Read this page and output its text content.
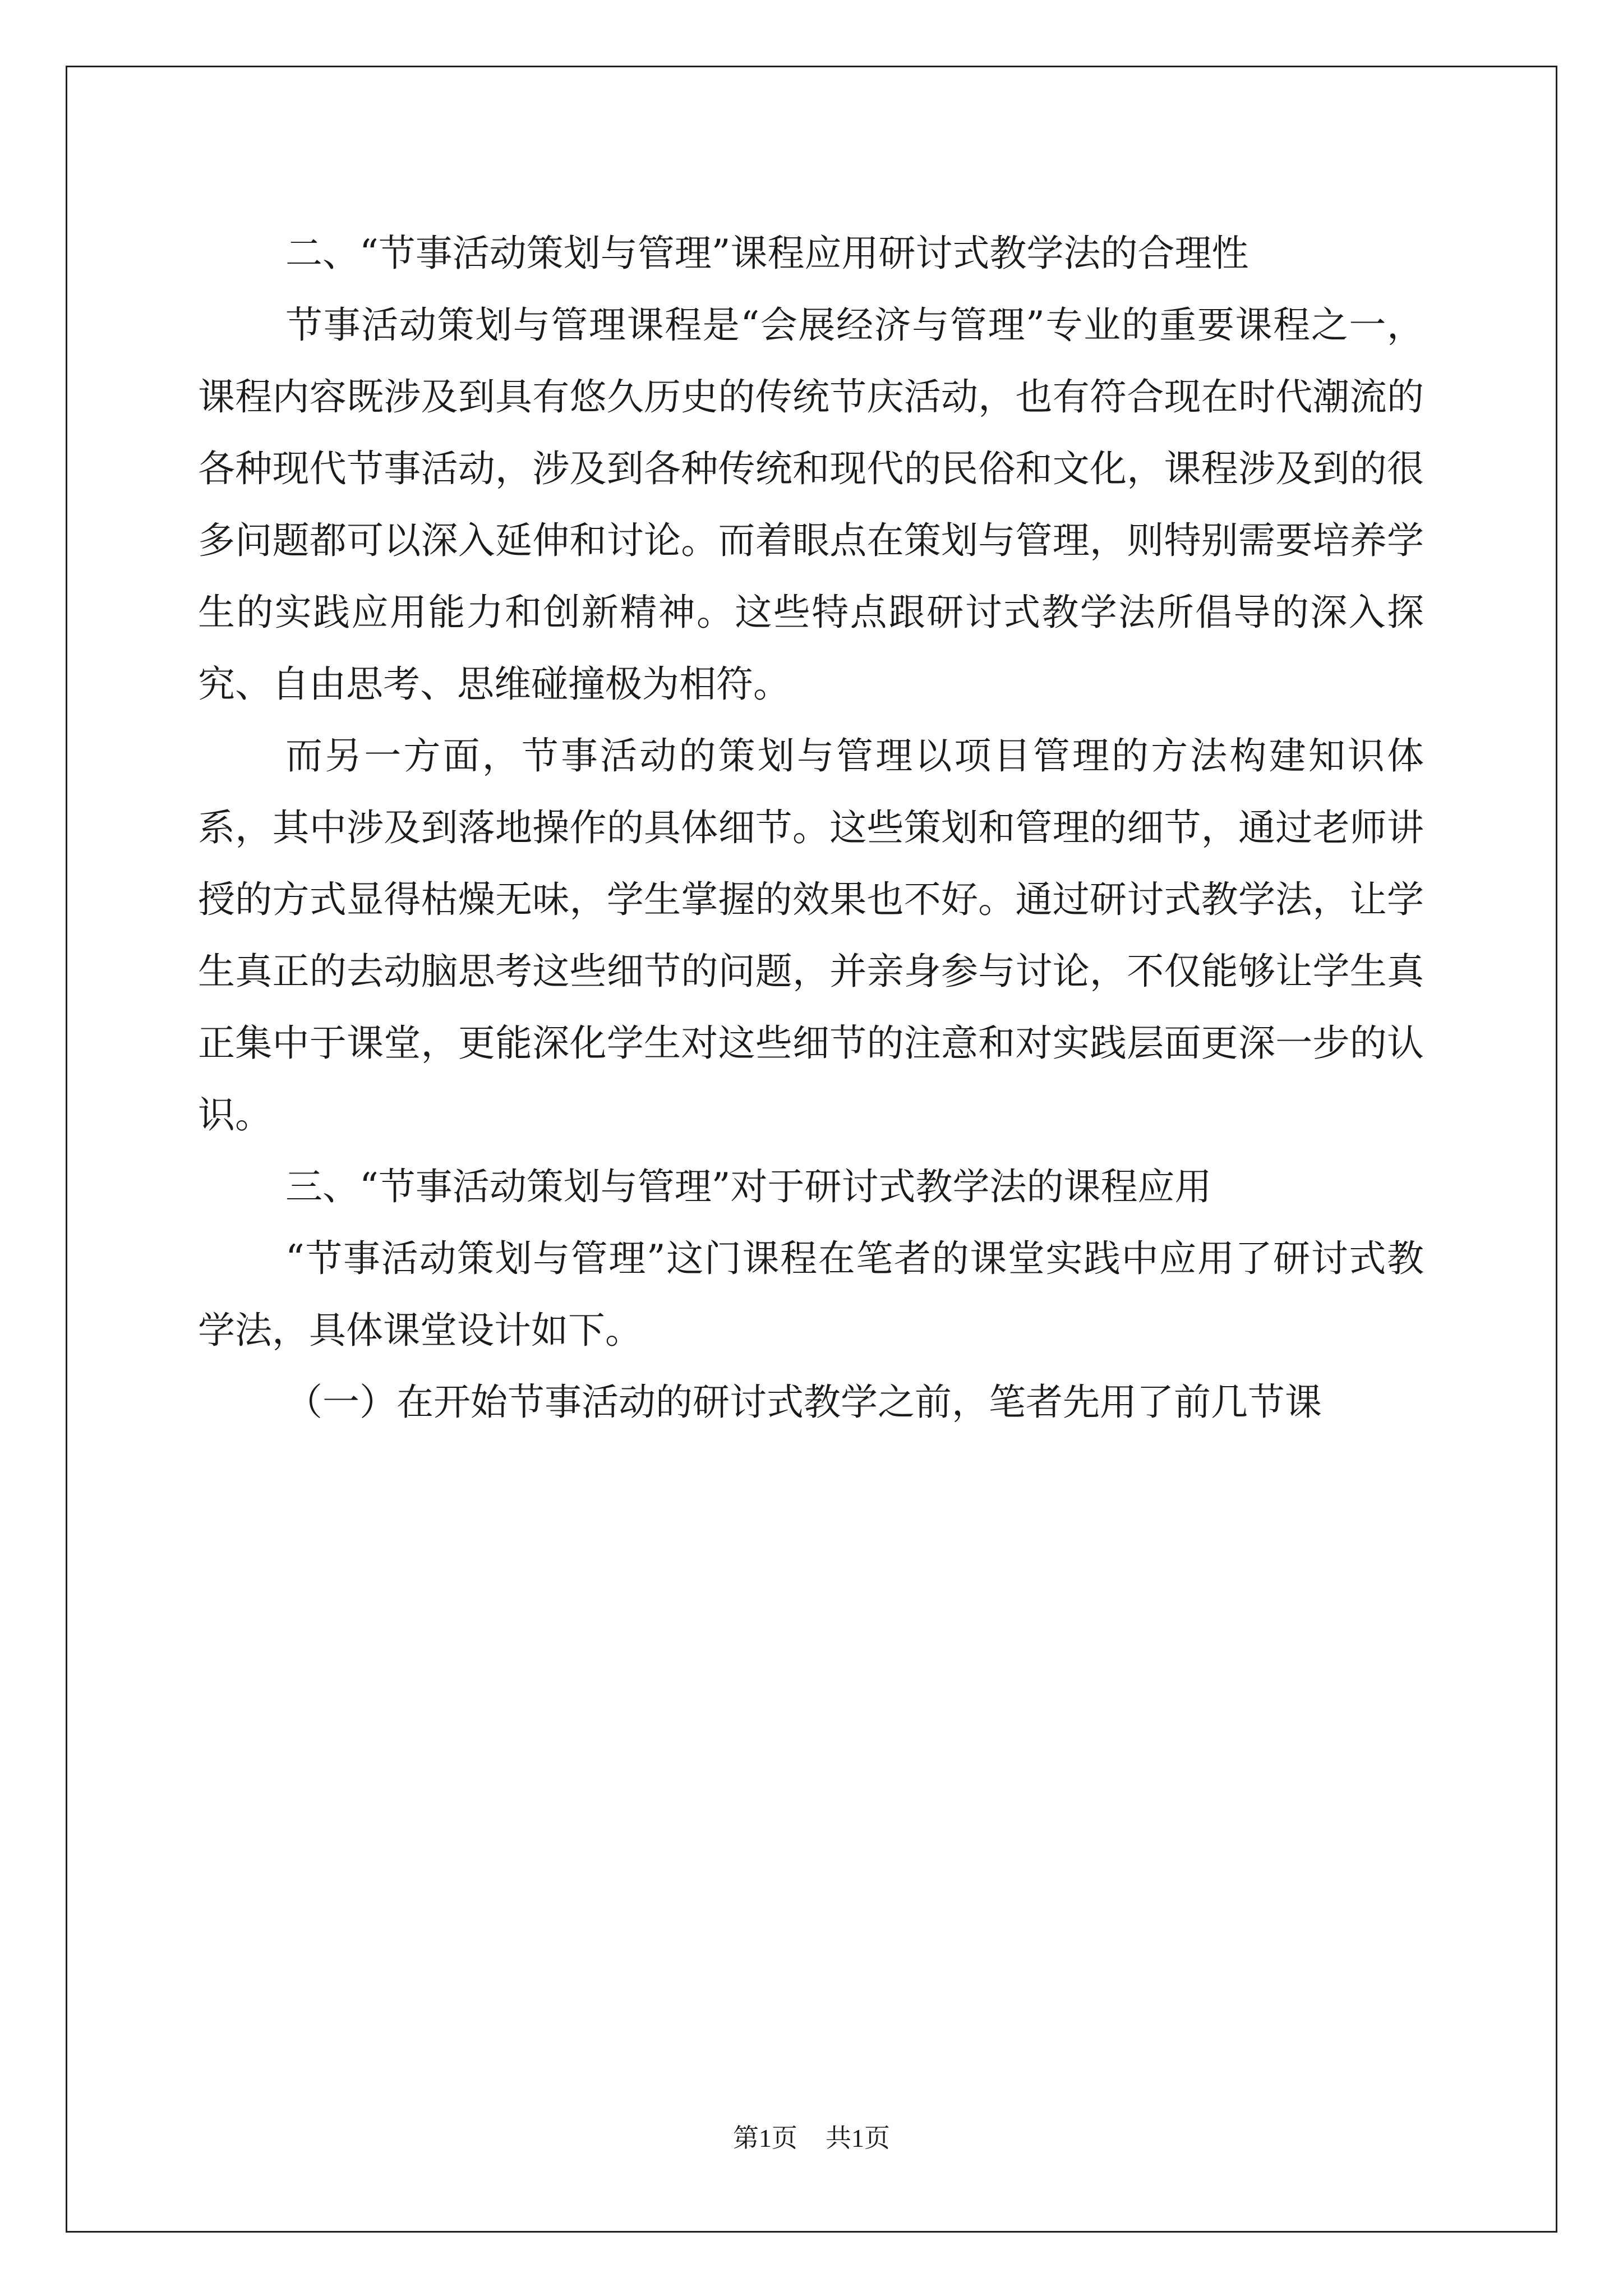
二、“节事活动策划与管理”课程应用研讨式教学法的合理性

节事活动策划与管理课程是“会展经济与管理”专业的重要课程之一，课程内容既涉及到具有悠久历史的传统节庆活动，也有符合现在时代潮流的各种现代节事活动，涉及到各种传统和现代的民俗和文化，课程涉及到的很多问题都可以深入延伸和讨论。而着眼点在策划与管理，则特别需要培养学生的实践应用能力和创新精神。这些特点跟研讨式教学法所倡导的深入探究、自由思考、思维碰撞极为相符。

而另一方面，节事活动的策划与管理以项目管理的方法构建知识体系，其中涉及到落地操作的具体细节。这些策划和管理的细节，通过老师讲授的方式显得枯燥无味，学生掌握的效果也不好。通过研讨式教学法，让学生真正的去动脑思考这些细节的问题，并亲身参与讨论，不仅能够让学生真正集中于课堂，更能深化学生对这些细节的注意和对实践层面更深一步的认识。

三、“节事活动策划与管理”对于研讨式教学法的课程应用

“节事活动策划与管理”这门课程在笔者的课堂实践中应用了研讨式教学法，具体课堂设计如下。

（一）在开始节事活动的研讨式教学之前，笔者先用了前几节课

第1页 共1页
